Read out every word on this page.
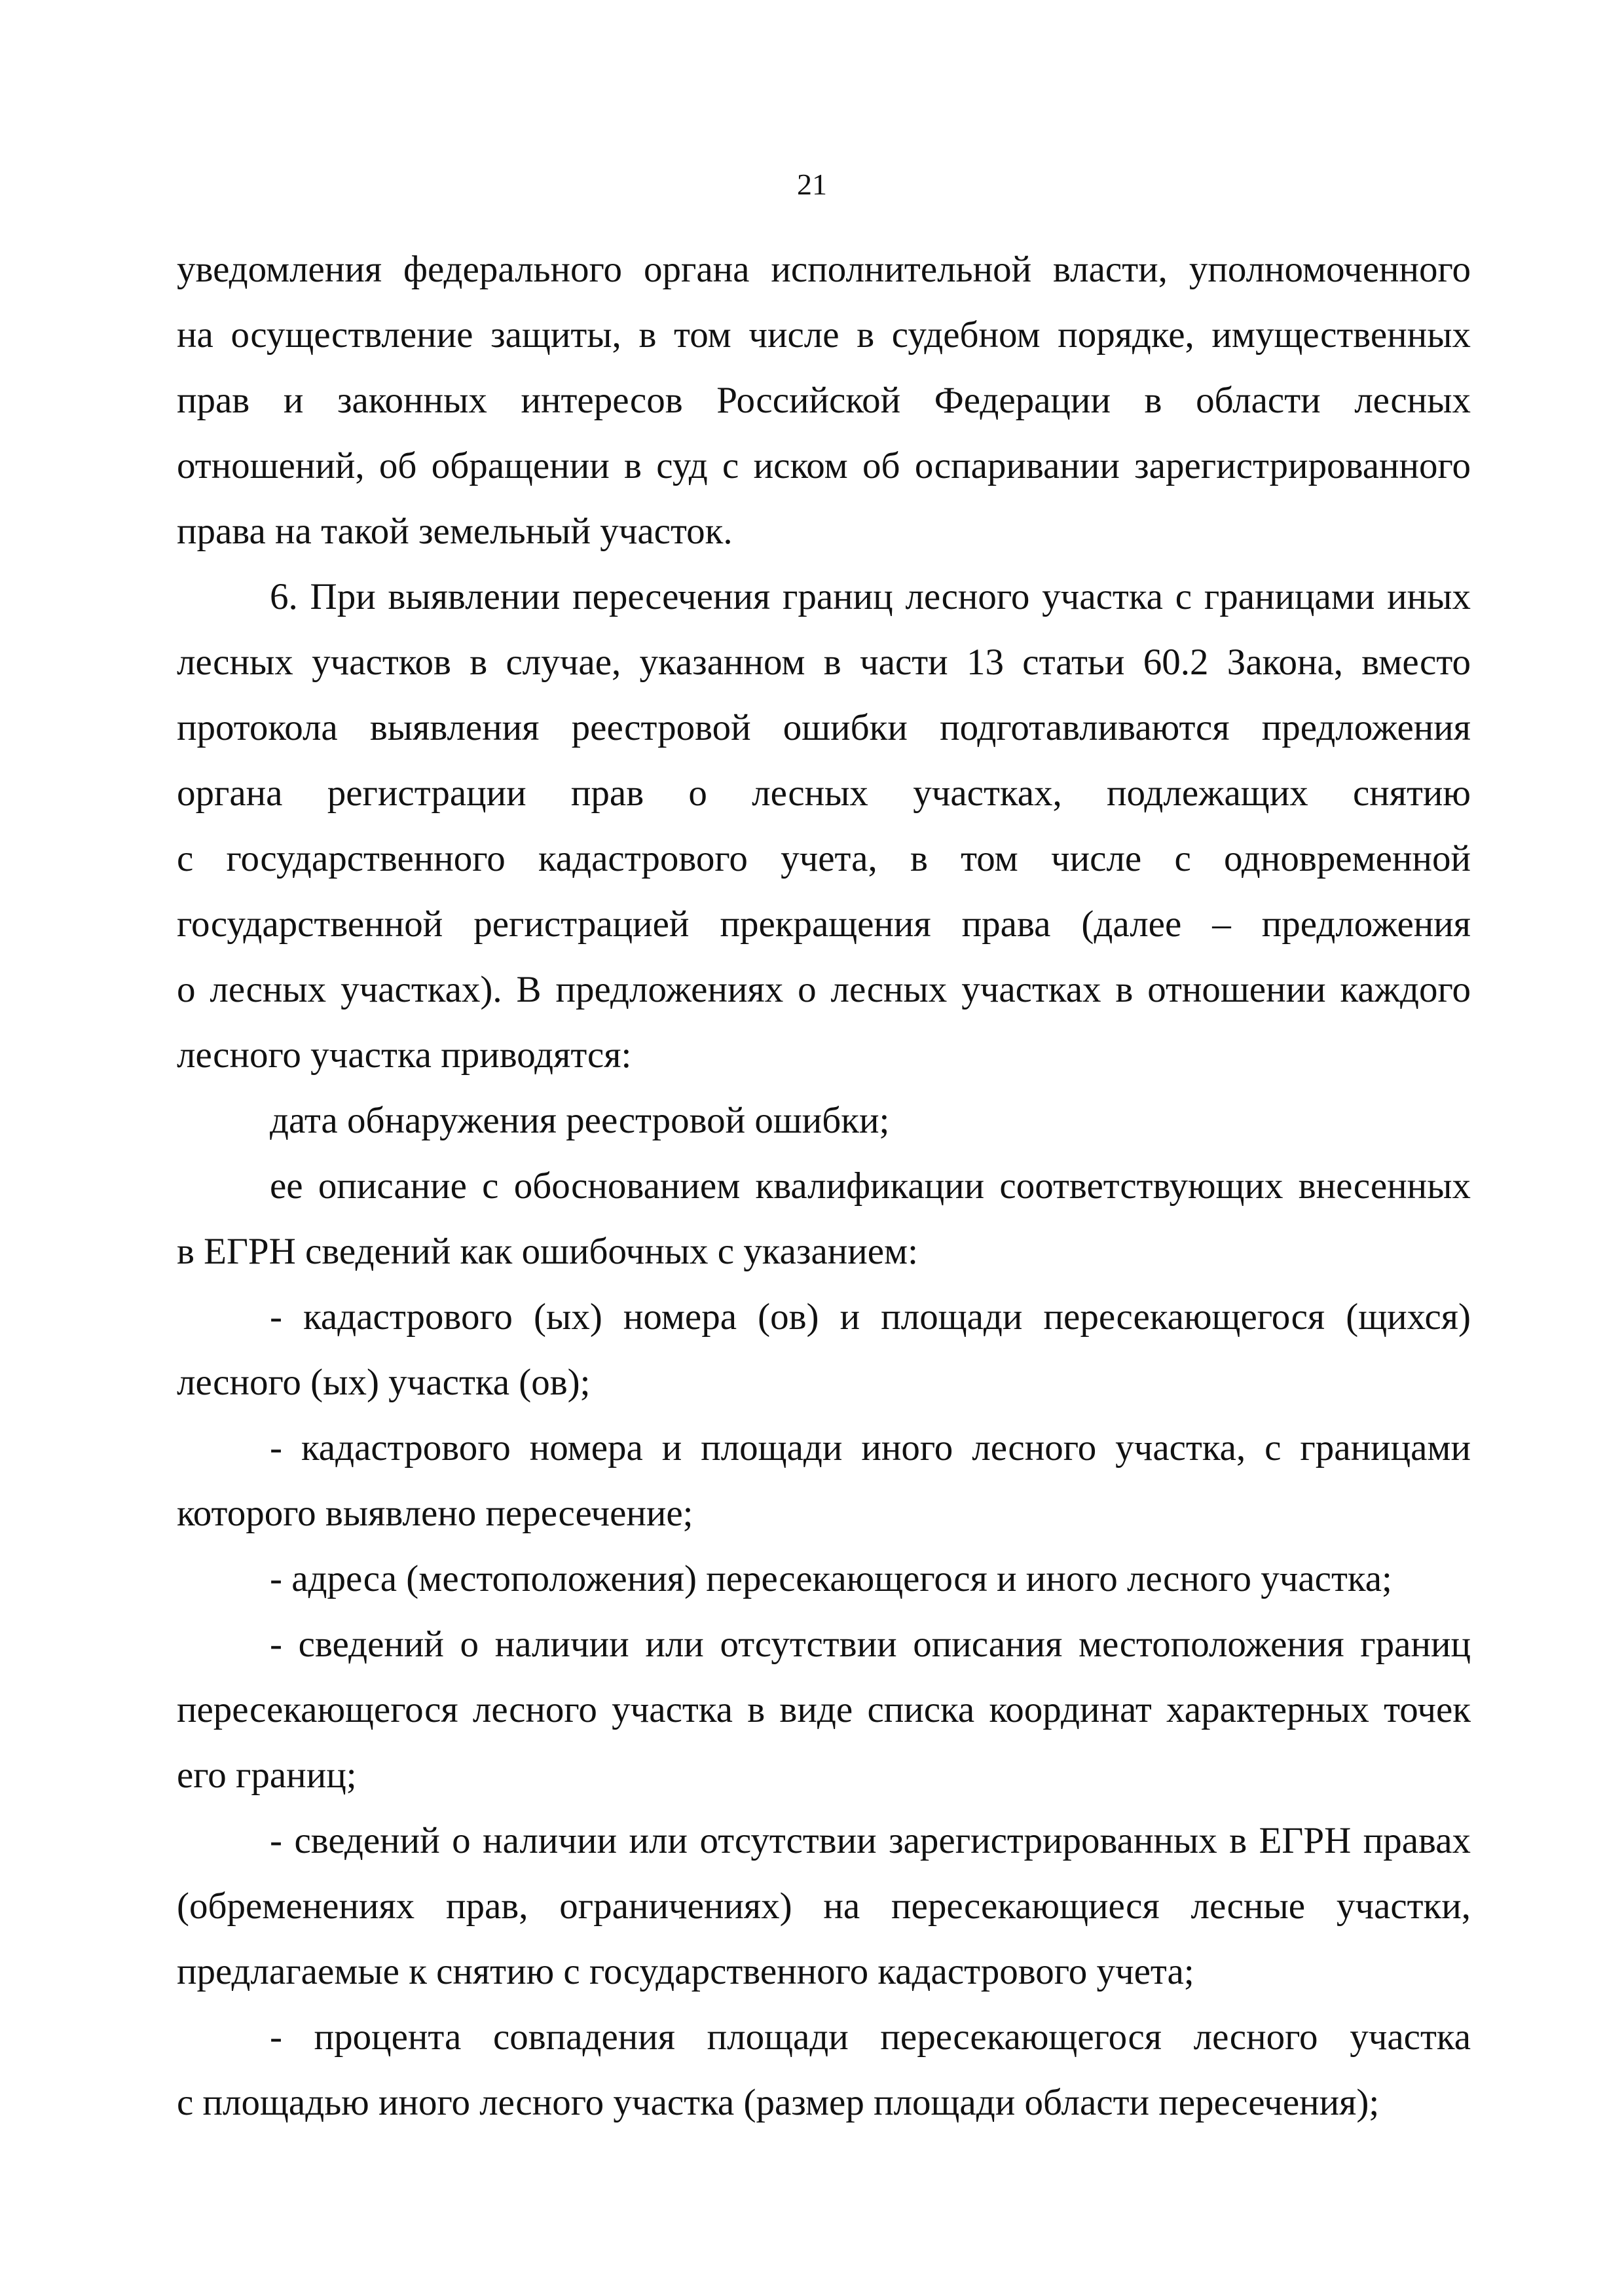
21
уведомления федерального органа исполнительной власти, уполномоченного
на осуществление защиты, в том числе в судебном порядке, имущественных
прав и законных интересов Российской Федерации в области лесных
отношений, об обращении в суд с иском об оспаривании зарегистрированного
права на такой земельный участок.
6. При выявлении пересечения границ лесного участка с границами иных
лесных участков в случае, указанном в части 13 статьи 60.2 Закона, вместо
протокола выявления реестровой ошибки подготавливаются предложения
органа регистрации прав о лесных участках, подлежащих снятию
с государственного кадастрового учета, в том числе с одновременной
государственной регистрацией прекращения права (далее – предложения
о лесных участках). В предложениях о лесных участках в отношении каждого
лесного участка приводятся:
дата обнаружения реестровой ошибки;
ее описание с обоснованием квалификации соответствующих внесенных
в ЕГРН сведений как ошибочных с указанием:
- кадастрового (ых) номера (ов) и площади пересекающегося (щихся)
лесного (ых) участка (ов);
- кадастрового номера и площади иного лесного участка, с границами
которого выявлено пересечение;
- адреса (местоположения) пересекающегося и иного лесного участка;
- сведений о наличии или отсутствии описания местоположения границ
пересекающегося лесного участка в виде списка координат характерных точек
его границ;
- сведений о наличии или отсутствии зарегистрированных в ЕГРН правах
(обременениях прав, ограничениях) на пересекающиеся лесные участки,
предлагаемые к снятию с государственного кадастрового учета;
- процента совпадения площади пересекающегося лесного участка
с площадью иного лесного участка (размер площади области пересечения);
